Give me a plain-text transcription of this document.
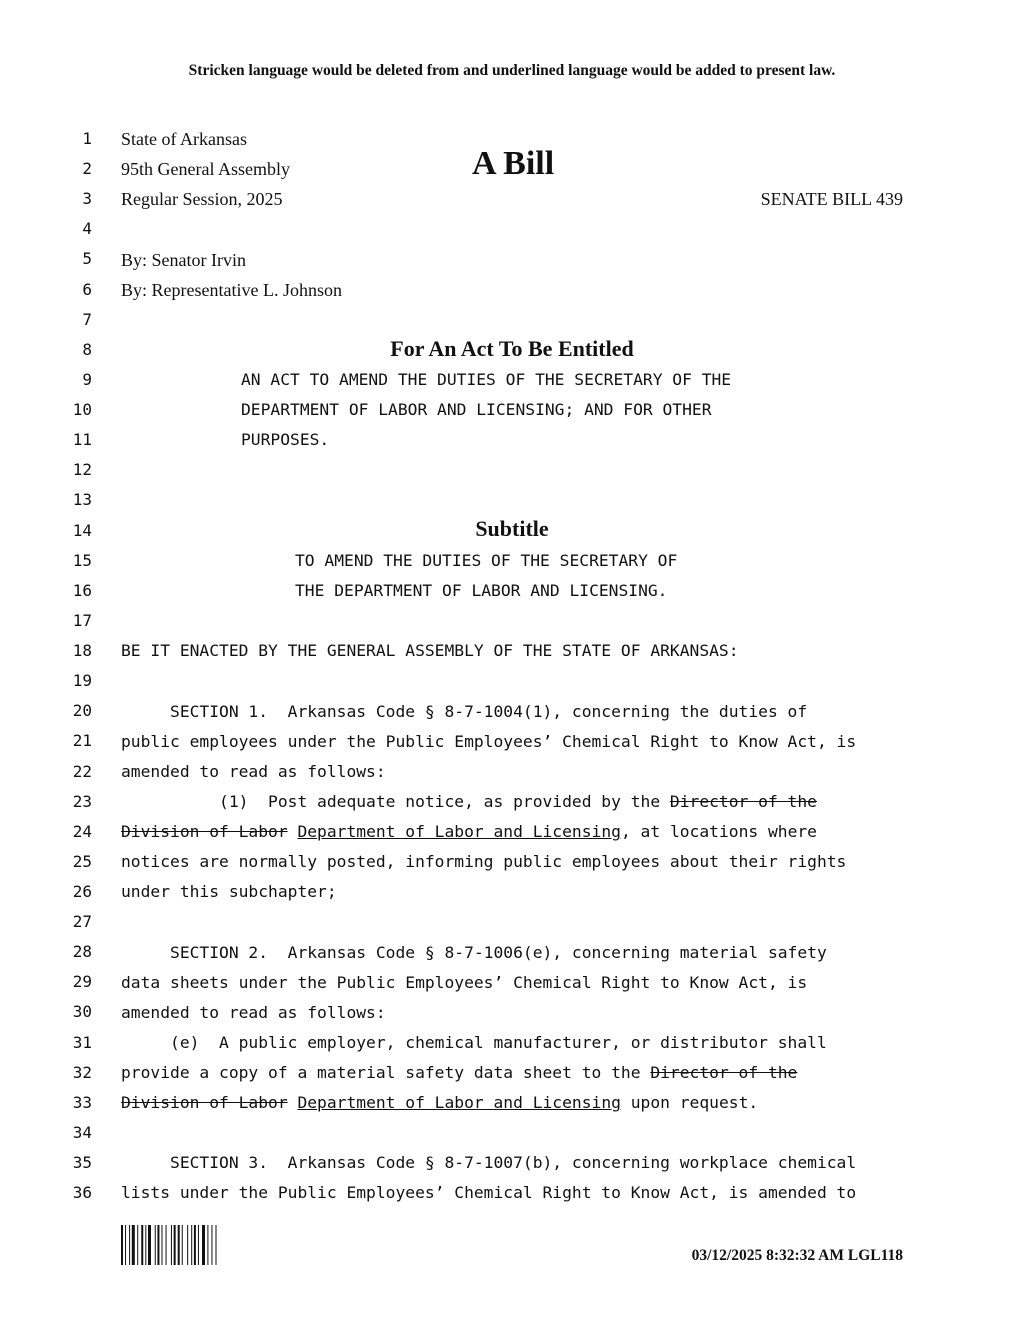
Stricken language would be deleted from and underlined language would be added to present law.
1
2
3
4
5
6
7
8
9
10
11
12
13
14
15
16
17
18
19
20
21
22
23
24
25
26
27
28
29
30
31
32
33
34
35
36
State of Arkansas
95th General Assembly
Regular Session, 2025
A Bill
SENATE BILL 439
By: Senator Irvin
By: Representative L. Johnson
For An Act To Be Entitled
AN ACT TO AMEND THE DUTIES OF THE SECRETARY OF THE
DEPARTMENT OF LABOR AND LICENSING; AND FOR OTHER
PURPOSES.
Subtitle
TO AMEND THE DUTIES OF THE SECRETARY OF
THE DEPARTMENT OF LABOR AND LICENSING.
BE IT ENACTED BY THE GENERAL ASSEMBLY OF THE STATE OF ARKANSAS:
SECTION 1.  Arkansas Code § 8-7-1004(1), concerning the duties of
public employees under the Public Employees’ Chemical Right to Know Act, is
amended to read as follows:
(1)  Post adequate notice, as provided by the Director of the
Division of Labor Department of Labor and Licensing, at locations where
notices are normally posted, informing public employees about their rights
under this subchapter;
SECTION 2.  Arkansas Code § 8-7-1006(e), concerning material safety
data sheets under the Public Employees’ Chemical Right to Know Act, is
amended to read as follows:
(e)  A public employer, chemical manufacturer, or distributor shall
provide a copy of a material safety data sheet to the Director of the
Division of Labor Department of Labor and Licensing upon request.
SECTION 3.  Arkansas Code § 8-7-1007(b), concerning workplace chemical
lists under the Public Employees’ Chemical Right to Know Act, is amended to
03/12/2025 8:32:32 AM LGL118
